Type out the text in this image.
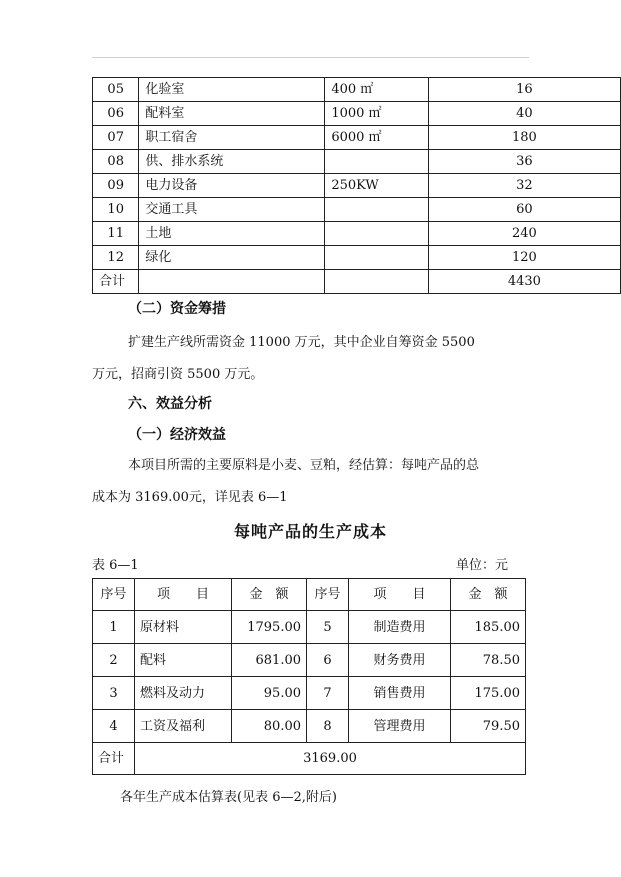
05	化验室	400 ㎡	16
06	配料室	1000 ㎡	40
07	职工宿舍	6000 ㎡	180
08	供、排水系统		36
09	电力设备	250KW	32
10	交通工具		60
11	土地		240
12	绿化		120
合计			4430
（二）资金筹措
扩建生产线所需资金 11000 万元，其中企业自筹资金 5500
万元，招商引资 5500 万元。
六、效益分析
（一）经济效益
本项目所需的主要原料是小麦、豆粕，经估算：每吨产品的总
成本为 3169.00元，详见表 6—1
每吨产品的生产成本
表 6—1	单位：元
序号	项　　目	金　额	序号	项　　目	金　额
1	原材料	1795.00	5	制造费用	185.00
2	配料	681.00	6	财务费用	78.50
3	燃料及动力	95.00	7	销售费用	175.00
4	工资及福利	80.00	8	管理费用	79.50
合计	3169.00				
各年生产成本估算表(见表 6—2,附后)
